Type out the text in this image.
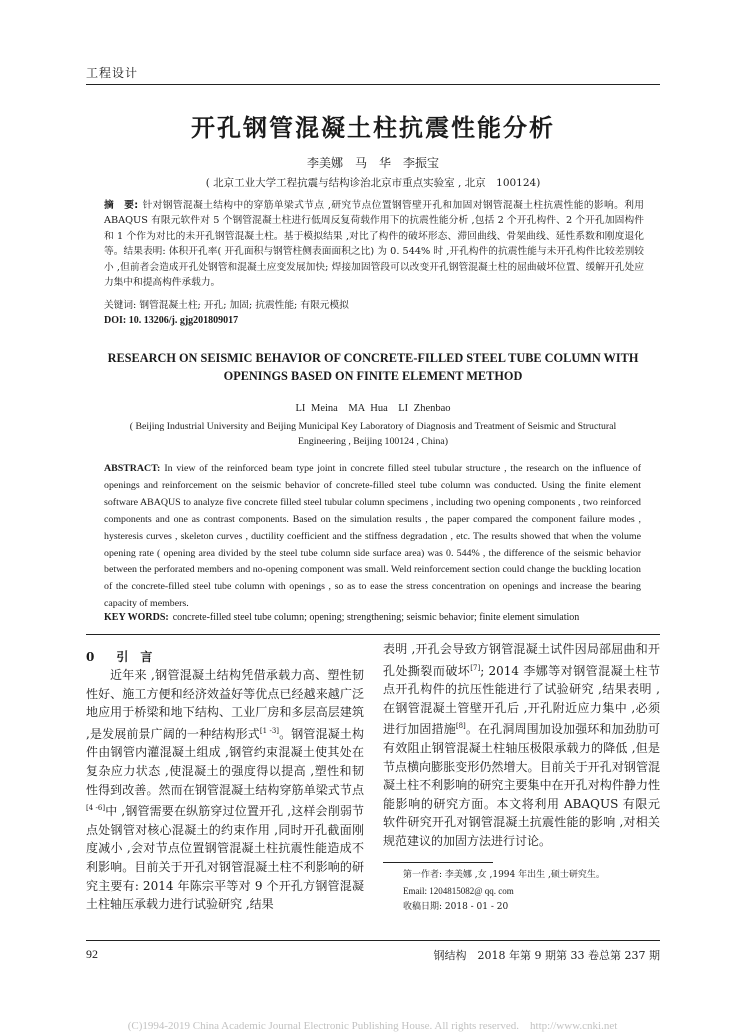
工程设计
开孔钢管混凝土柱抗震性能分析
李美娜　马　华　李振宝
( 北京工业大学工程抗震与结构诊治北京市重点实验室 , 北京　100124)
摘　要: 针对钢管混凝土结构中的穿筋单梁式节点 ,研究节点位置钢管壁开孔和加固对钢管混凝土柱抗震性能的影响。利用 ABAQUS 有限元软件对 5 个钢管混凝土柱进行低周反复荷载作用下的抗震性能分析 ,包括 2 个开孔构件、2 个开孔加固构件和 1 个作为对比的未开孔钢管混凝土柱。基于模拟结果 ,对比了构件的破坏形态、滞回曲线、骨架曲线、延性系数和刚度退化等。结果表明: 体积开孔率( 开孔面积与钢管柱侧表面面积之比) 为 0. 544% 时 ,开孔构件的抗震性能与未开孔构件比较差别较小 ,但前者会造成开孔处钢管和混凝土应变发展加快; 焊接加固管段可以改变开孔钢管混凝土柱的屈曲破坏位置、缓解开孔处应力集中和提高构件承载力。
关键词: 钢管混凝土柱; 开孔; 加固; 抗震性能; 有限元模拟
DOI: 10. 13206/j. gjg201809017
RESEARCH ON SEISMIC BEHAVIOR OF CONCRETE-FILLED STEEL TUBE COLUMN WITH OPENINGS BASED ON FINITE ELEMENT METHOD
LI Meina　MA Hua　LI Zhenbao
( Beijing Industrial University and Beijing Municipal Key Laboratory of Diagnosis and Treatment of Seismic and Structural Engineering , Beijing 100124 , China)
ABSTRACT: In view of the reinforced beam type joint in concrete filled steel tubular structure , the research on the influence of openings and reinforcement on the seismic behavior of concrete-filled steel tube column was conducted. Using the finite element software ABAQUS to analyze five concrete filled steel tubular column specimens , including two opening components , two reinforced components and one as contrast components. Based on the simulation results , the paper compared the component failure modes , hysteresis curves , skeleton curves , ductility coefficient and the stiffness degradation , etc. The results showed that when the volume opening rate ( opening area divided by the steel tube column side surface area) was 0. 544% , the difference of the seismic behavior between the perforated members and no-opening component was small. Weld reinforcement section could change the buckling location of the concrete-filled steel tube column with openings , so as to ease the stress concentration on openings and increase the bearing capacity of members.
KEY WORDS: concrete-filled steel tube column; opening; strengthening; seismic behavior; finite element simulation
0 引　言
近年来 ,钢管混凝土结构凭借承载力高、塑性韧性好、施工方便和经济效益好等优点已经越来越广泛地应用于桥梁和地下结构、工业厂房和多层高层建筑 ,是发展前景广阔的一种结构形式[1 -3]。钢管混凝土构件由钢管内灌混凝土组成 ,钢管约束混凝土使其处在复杂应力状态 ,使混凝土的强度得以提高 ,塑性和韧性得到改善。然而在钢管混凝土结构穿筋单梁式节点[4 -6]中 ,钢管需要在纵筋穿过位置开孔 ,这样会削弱节点处钢管对核心混凝土的约束作用 ,同时开孔截面刚度减小 ,会对节点位置钢管混凝土柱抗震性能造成不利影响。目前关于开孔对钢管混凝土柱不利影响的研究主要有: 2014 年陈宗平等对 9 个开孔方钢管混凝土柱轴压承载力进行试验研究 ,结果
表明 ,开孔会导致方钢管混凝土试件因局部屈曲和开孔处撕裂而破坏[7]; 2014 李娜等对钢管混凝土柱节点开孔构件的抗压性能进行了试验研究 ,结果表明 ,在钢管混凝土管壁开孔后 ,开孔附近应力集中 ,必须进行加固措施[8]。在孔洞周围加设加强环和加劲肋可有效阻止钢管混凝土柱轴压极限承载力的降低 ,但是节点横向膨胀变形仍然增大。目前关于开孔对钢管混凝土柱不利影响的研究主要集中在开孔对构件静力性能影响的研究方面。本文将利用 ABAQUS 有限元软件研究开孔对钢管混凝土抗震性能的影响 ,对相关规范建议的加固方法进行讨论。
第一作者: 李美娜 ,女 ,1994 年出生 ,硕士研究生。
Email: 1204815082@ qq. com
收稿日期: 2018 - 01 - 20
92	钢结构　2018 年第 9 期第 33 卷总第 237 期
(C)1994-2019 China Academic Journal Electronic Publishing House. All rights reserved.　http://www.cnki.net
